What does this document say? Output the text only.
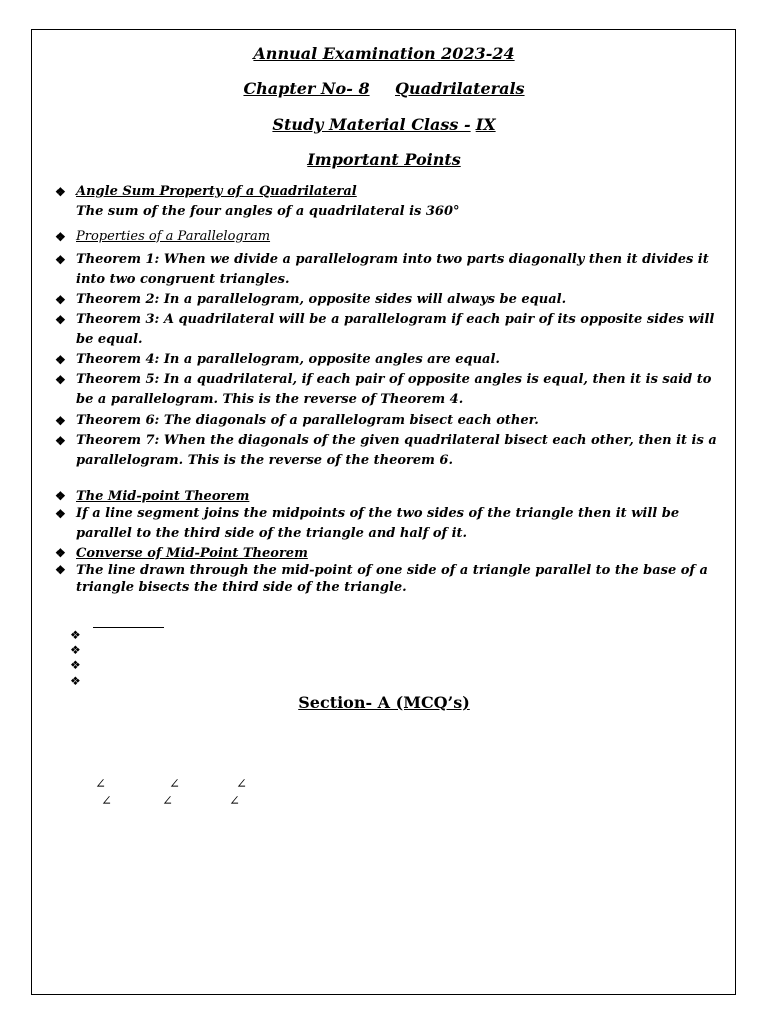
Annual Examination 2023-24
Chapter No- 8 Quadrilaterals
Study Material Class - IX
Important Points
❖ Angle Sum Property of a Quadrilateral
The sum of the four angles of a quadrilateral is 360°
❖ Properties of a Parallelogram
❖ Theorem 1: When we divide a parallelogram into two parts diagonally then it divides it into two congruent triangles.
❖ Theorem 2: In a parallelogram, opposite sides will always be equal.
❖ Theorem 3: A quadrilateral will be a parallelogram if each pair of its opposite sides will be equal.
❖ Theorem 4: In a parallelogram, opposite angles are equal.
❖ Theorem 5: In a quadrilateral, if each pair of opposite angles is equal, then it is said to be a parallelogram. This is the reverse of Theorem 4.
❖ Theorem 6: The diagonals of a parallelogram bisect each other.
❖ Theorem 7: When the diagonals of the given quadrilateral bisect each other, then it is a parallelogram. This is the reverse of the theorem 6.
❖ The Mid-point Theorem
❖ If a line segment joins the midpoints of the two sides of the triangle then it will be parallel to the third side of the triangle and half of it.
❖ Converse of Mid-Point Theorem
❖ The line drawn through the mid-point of one side of a triangle parallel to the base of a triangle bisects the third side of the triangle.
❖
❖
❖
❖
Section- A (MCQ’s)
∠	∠	∠
∠	∠	∠
